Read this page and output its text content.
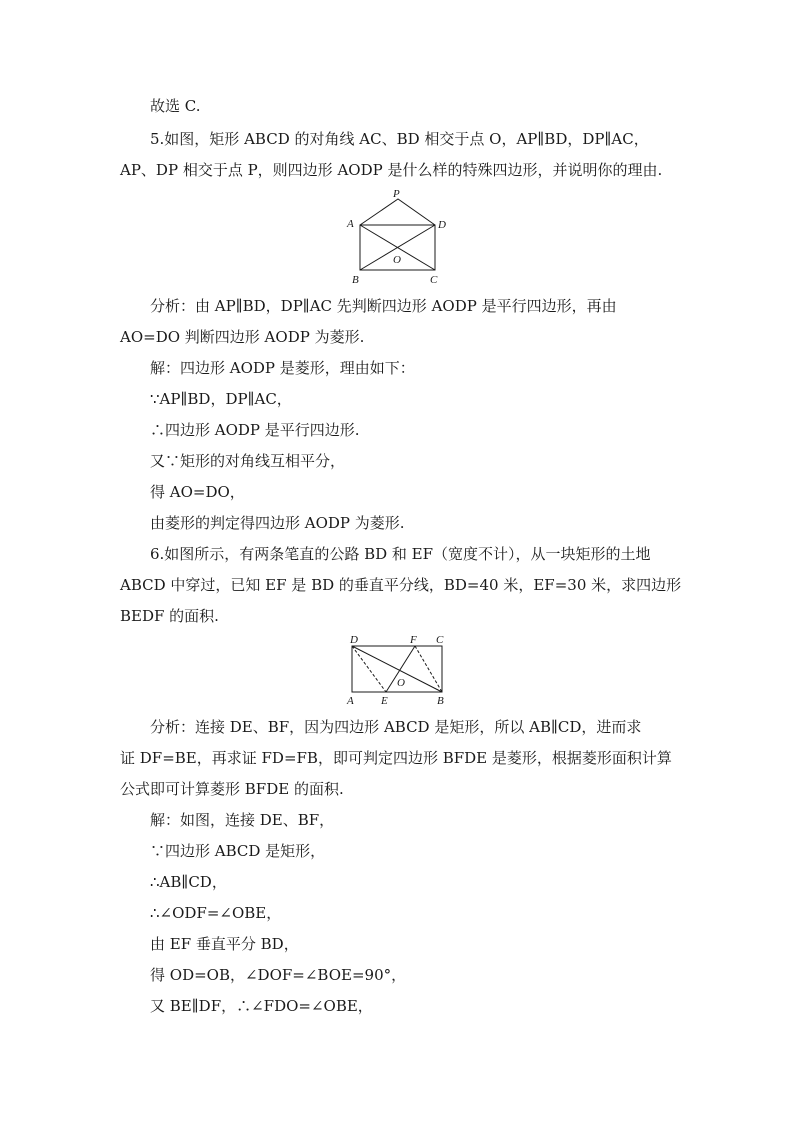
故选 C.
5.如图，矩形 ABCD 的对角线 AC、BD 相交于点 O，AP∥BD，DP∥AC，
AP、DP 相交于点 P，则四边形 AODP 是什么样的特殊四边形，并说明你的理由.
P
A	D
O
B	C
分析：由 AP∥BD，DP∥AC 先判断四边形 AODP 是平行四边形，再由
AO=DO 判断四边形 AODP 为菱形.
解：四边形 AODP 是菱形，理由如下：
∵AP∥BD，DP∥AC，
∴四边形 AODP 是平行四边形.
又∵矩形的对角线互相平分，
得 AO=DO，
由菱形的判定得四边形 AODP 为菱形.
6.如图所示，有两条笔直的公路 BD 和 EF（宽度不计），从一块矩形的土地
ABCD 中穿过，已知 EF 是 BD 的垂直平分线，BD=40 米，EF=30 米，求四边形
BEDF 的面积.
D	F C
O
A E	B
分析：连接 DE、BF，因为四边形 ABCD 是矩形，所以 AB∥CD，进而求
证 DF=BE，再求证 FD=FB，即可判定四边形 BFDE 是菱形，根据菱形面积计算
公式即可计算菱形 BFDE 的面积.
解：如图，连接 DE、BF，
∵四边形 ABCD 是矩形，
∴AB∥CD，
∴∠ODF=∠OBE，
由 EF 垂直平分 BD，
得 OD=OB，∠DOF=∠BOE=90°，
又 BE∥DF，∴∠FDO=∠OBE，
